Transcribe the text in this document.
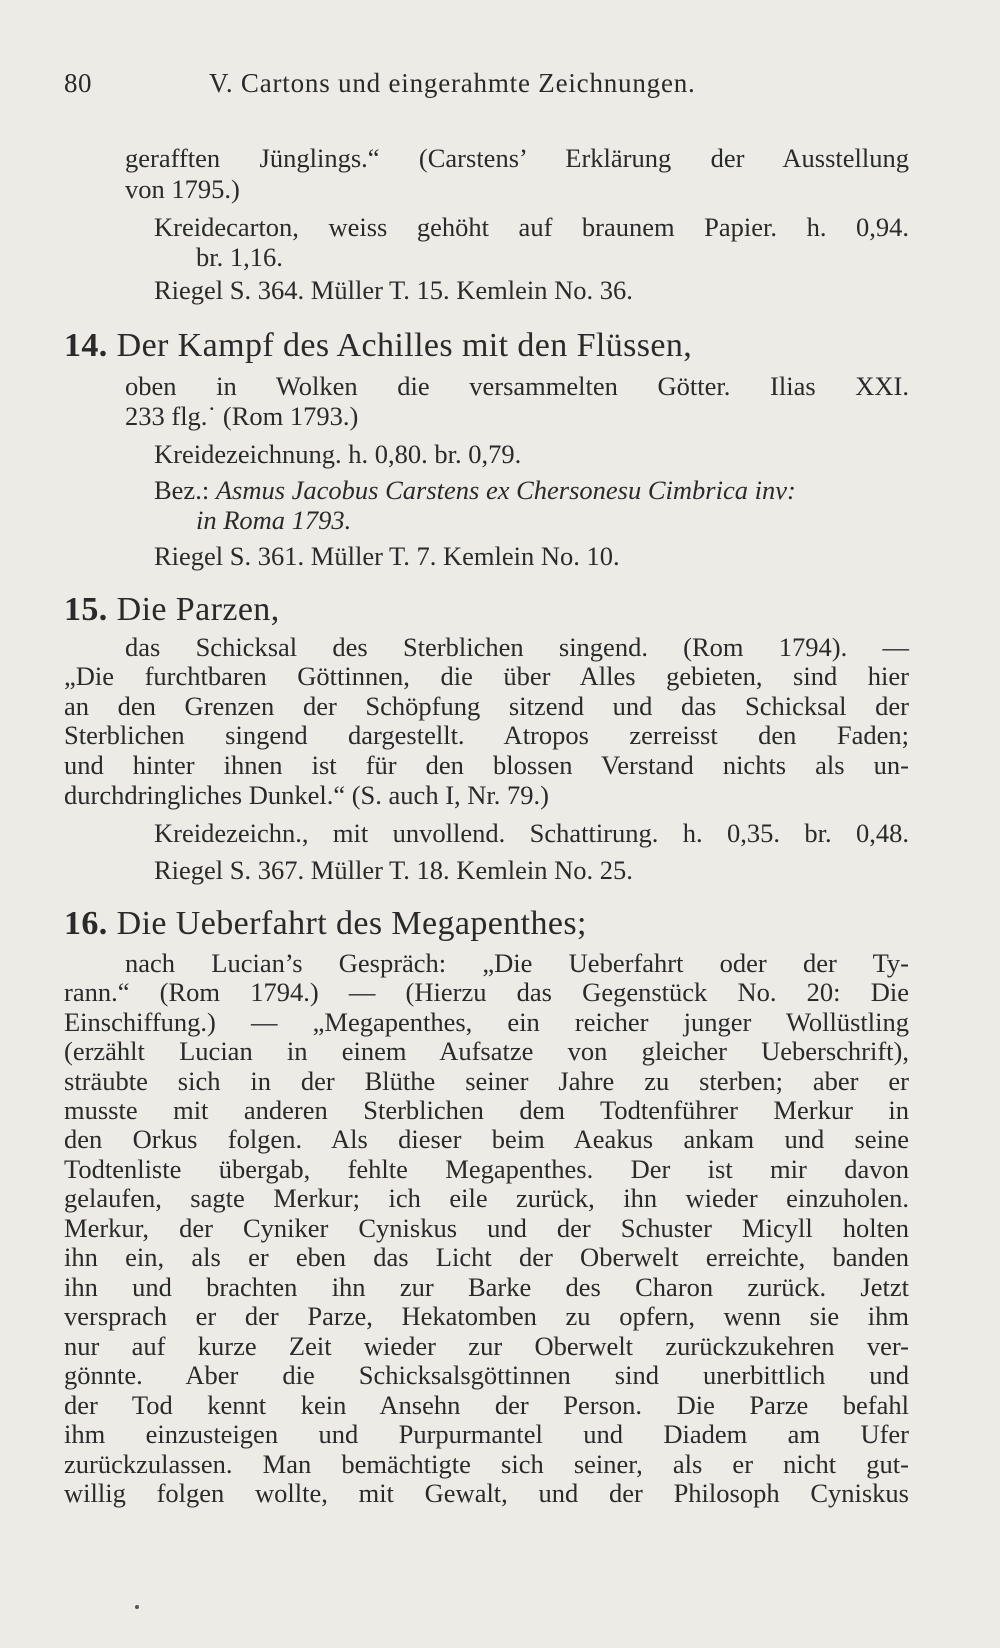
80	V. Cartons und eingerahmte Zeichnungen.
gerafften Jünglings.“ (Carstens’ Erklärung der Ausstellung
von 1795.)
Kreidecarton, weiss gehöht auf braunem Papier. h. 0,94.
br. 1,16.
Riegel S. 364. Müller T. 15. Kemlein No. 36.
14. Der Kampf des Achilles mit den Flüssen,
oben in Wolken die versammelten Götter. Ilias XXI.
233 flg.˙ (Rom 1793.)
Kreidezeichnung. h. 0,80. br. 0,79.
Bez.: Asmus Jacobus Carstens ex Chersonesu Cimbrica inv:
in Roma 1793.
Riegel S. 361. Müller T. 7. Kemlein No. 10.
15. Die Parzen,
das Schicksal des Sterblichen singend. (Rom 1794). —
„Die furchtbaren Göttinnen, die über Alles gebieten, sind hier
an den Grenzen der Schöpfung sitzend und das Schicksal der
Sterblichen singend dargestellt. Atropos zerreisst den Faden;
und hinter ihnen ist für den blossen Verstand nichts als un-
durchdringliches Dunkel.“ (S. auch I, Nr. 79.)
Kreidezeichn., mit unvollend. Schattirung. h. 0,35. br. 0,48.
Riegel S. 367. Müller T. 18. Kemlein No. 25.
16. Die Ueberfahrt des Megapenthes;
nach Lucian’s Gespräch: „Die Ueberfahrt oder der Ty-
rann.“ (Rom 1794.) — (Hierzu das Gegenstück No. 20: Die
Einschiffung.) — „Megapenthes, ein reicher junger Wollüstling
(erzählt Lucian in einem Aufsatze von gleicher Ueberschrift),
sträubte sich in der Blüthe seiner Jahre zu sterben; aber er
musste mit anderen Sterblichen dem Todtenführer Merkur in
den Orkus folgen. Als dieser beim Aeakus ankam und seine
Todtenliste übergab, fehlte Megapenthes. Der ist mir davon
gelaufen, sagte Merkur; ich eile zurück, ihn wieder einzuholen.
Merkur, der Cyniker Cyniskus und der Schuster Micyll holten
ihn ein, als er eben das Licht der Oberwelt erreichte, banden
ihn und brachten ihn zur Barke des Charon zurück. Jetzt
versprach er der Parze, Hekatomben zu opfern, wenn sie ihm
nur auf kurze Zeit wieder zur Oberwelt zurückzukehren ver-
gönnte. Aber die Schicksalsgöttinnen sind unerbittlich und
der Tod kennt kein Ansehn der Person. Die Parze befahl
ihm einzusteigen und Purpurmantel und Diadem am Ufer
zurückzulassen. Man bemächtigte sich seiner, als er nicht gut-
willig folgen wollte, mit Gewalt, und der Philosoph Cyniskus
